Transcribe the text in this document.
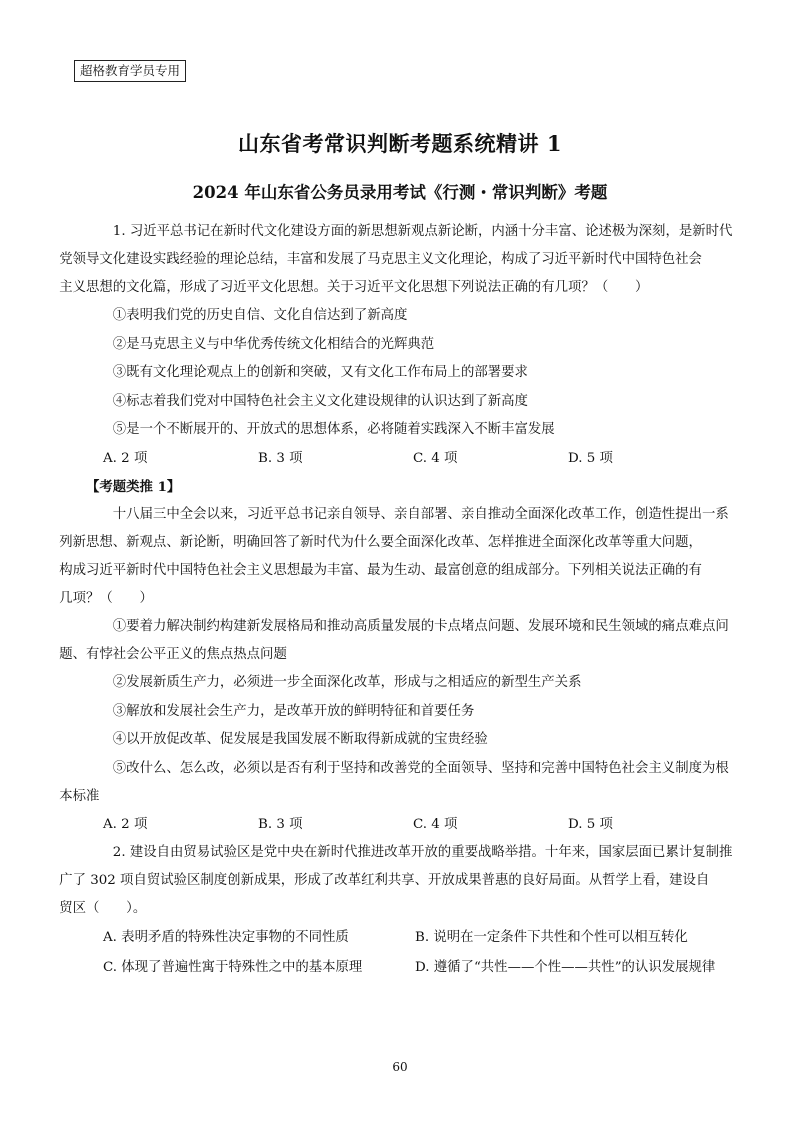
超格教育学员专用
山东省考常识判断考题系统精讲 1
2024 年山东省公务员录用考试《行测・常识判断》考题
1. 习近平总书记在新时代文化建设方面的新思想新观点新论断，内涵十分丰富、论述极为深刻，是新时代
党领导文化建设实践经验的理论总结，丰富和发展了马克思主义文化理论，构成了习近平新时代中国特色社会
主义思想的文化篇，形成了习近平文化思想。关于习近平文化思想下列说法正确的有几项？（　　）
①表明我们党的历史自信、文化自信达到了新高度
②是马克思主义与中华优秀传统文化相结合的光辉典范
③既有文化理论观点上的创新和突破，又有文化工作布局上的部署要求
④标志着我们党对中国特色社会主义文化建设规律的认识达到了新高度
⑤是一个不断展开的、开放式的思想体系，必将随着实践深入不断丰富发展
A. 2 项	B. 3 项	C. 4 项	D. 5 项
【考题类推 1】
十八届三中全会以来，习近平总书记亲自领导、亲自部署、亲自推动全面深化改革工作，创造性提出一系
列新思想、新观点、新论断，明确回答了新时代为什么要全面深化改革、怎样推进全面深化改革等重大问题，
构成习近平新时代中国特色社会主义思想最为丰富、最为生动、最富创意的组成部分。下列相关说法正确的有
几项？（　　）
①要着力解决制约构建新发展格局和推动高质量发展的卡点堵点问题、发展环境和民生领域的痛点难点问
题、有悖社会公平正义的焦点热点问题
②发展新质生产力，必须进一步全面深化改革，形成与之相适应的新型生产关系
③解放和发展社会生产力，是改革开放的鲜明特征和首要任务
④以开放促改革、促发展是我国发展不断取得新成就的宝贵经验
⑤改什么、怎么改，必须以是否有利于坚持和改善党的全面领导、坚持和完善中国特色社会主义制度为根
本标准
A. 2 项	B. 3 项	C. 4 项	D. 5 项
2. 建设自由贸易试验区是党中央在新时代推进改革开放的重要战略举措。十年来，国家层面已累计复制推
广了 302 项自贸试验区制度创新成果，形成了改革红利共享、开放成果普惠的良好局面。从哲学上看，建设自
贸区（　　）。
A. 表明矛盾的特殊性决定事物的不同性质	B. 说明在一定条件下共性和个性可以相互转化
C. 体现了普遍性寓于特殊性之中的基本原理	D. 遵循了“共性——个性——共性”的认识发展规律
60
